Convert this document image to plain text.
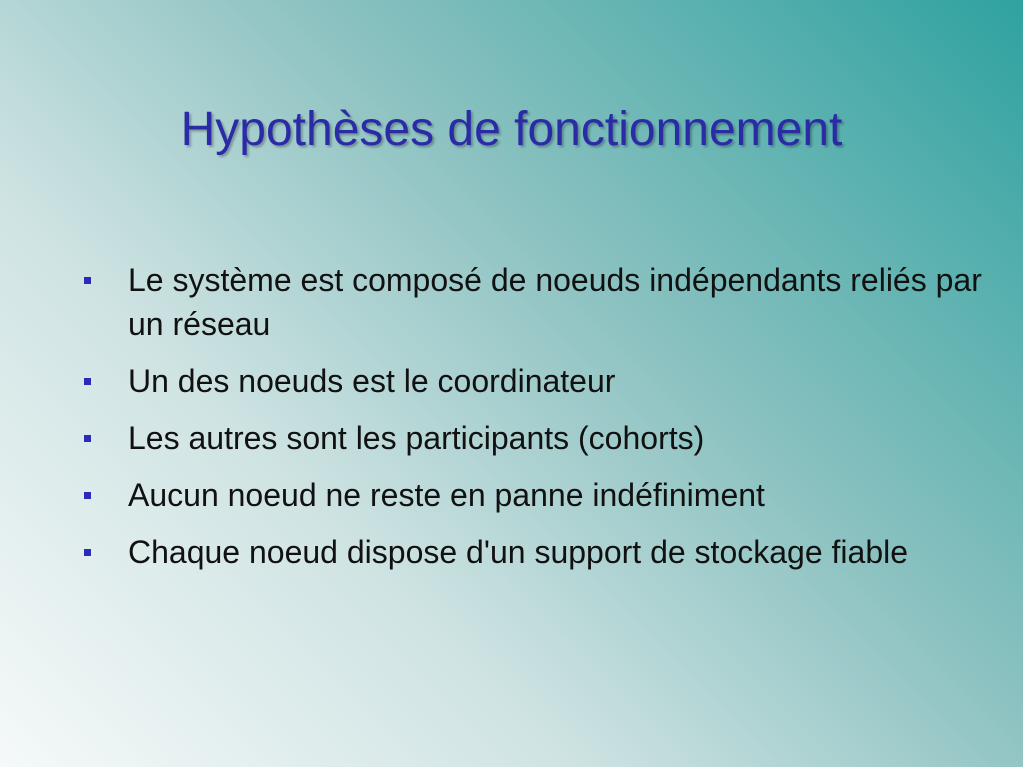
Hypothèses de fonctionnement
Le système est composé de noeuds indépendants reliés par un réseau
Un des noeuds est le coordinateur
Les autres sont les participants (cohorts)
Aucun noeud ne reste en panne indéfiniment
Chaque noeud dispose d'un support de stockage fiable
